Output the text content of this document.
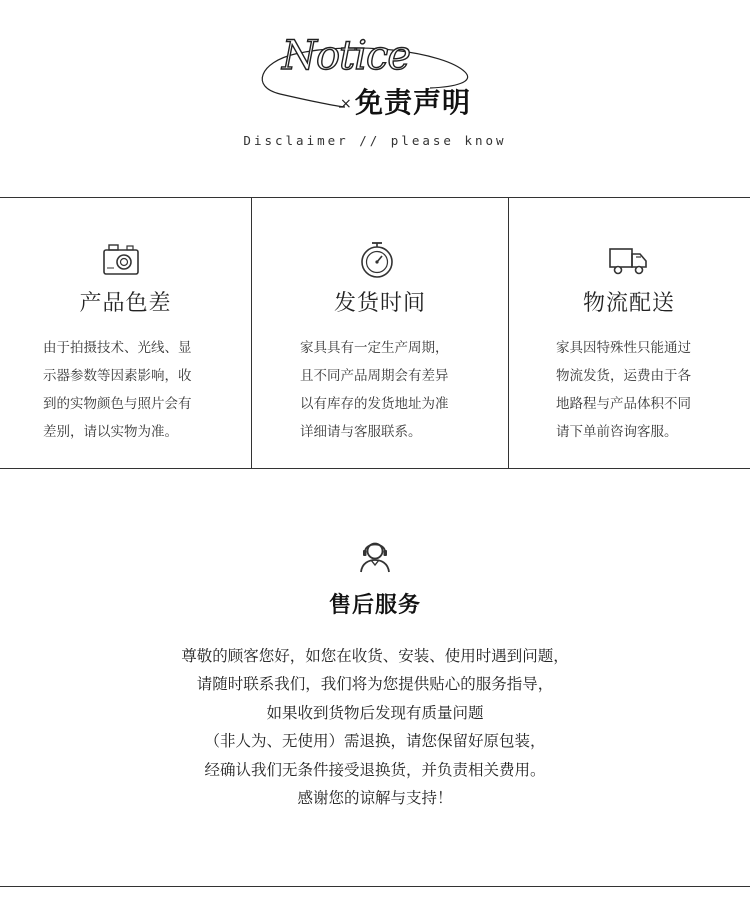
Notice
× 免责声明
Disclaimer // please know
产品色差
由于拍摄技术、光线、显
示器参数等因素影响，收
到的实物颜色与照片会有
差别，请以实物为准。
发货时间
家具具有一定生产周期，
且不同产品周期会有差异
以有库存的发货地址为准
详细请与客服联系。
物流配送
家具因特殊性只能通过
物流发货，运费由于各
地路程与产品体积不同
请下单前咨询客服。
售后服务
尊敬的顾客您好，如您在收货、安装、使用时遇到问题，
请随时联系我们，我们将为您提供贴心的服务指导，
如果收到货物后发现有质量问题
（非人为、无使用）需退换，请您保留好原包装，
经确认我们无条件接受退换货，并负责相关费用。
感谢您的谅解与支持！
